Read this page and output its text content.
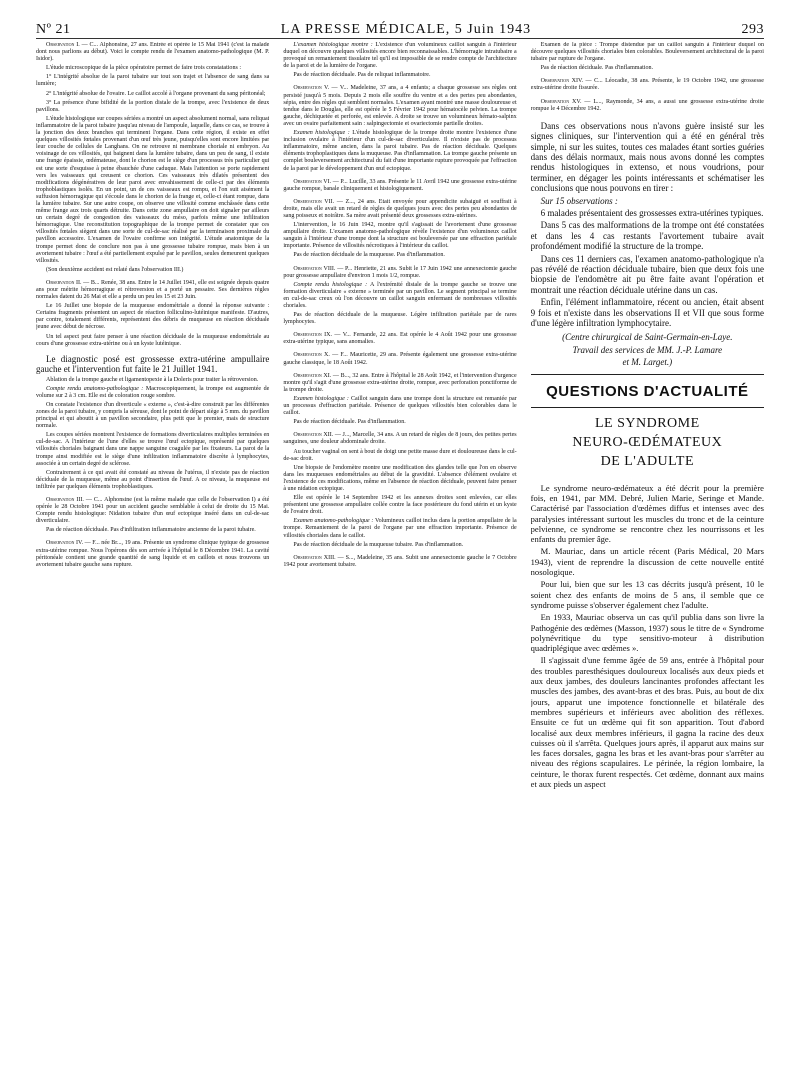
Nº 21	LA PRESSE MÉDICALE, 5 Juin 1943	293

Observation I. — C... Alphonsine, 27 ans. Entrée et opérée le 15 Mai 1941 (c'est la malade dont nous parlions au début). Voici le compte rendu de l'examen anatomo-pathologique (M. P. Isidor).

L'étude microscopique de la pièce opératoire permet de faire trois constatations :

1° L'intégrité absolue de la paroi tubaire sur tout son trajet et l'absence de sang dans sa lumière;

2° L'intégrité absolue de l'ovaire. Le caillot accolé à l'organe provenant du sang péritonéal;

3° La présence d'une bifidité de la portion distale de la trompe, avec l'existence de deux pavillons.

L'étude histologique sur coupes sériées a montré un aspect absolument normal, sans reliquat inflammatoire de la paroi tubaire jusqu'au niveau de l'ampoule, laquelle, dans ce cas, se trouve à la jonction des deux branches qui terminent l'organe. Dans cette région, il existe en effet quelques villosités fœtales provenant d'un œuf très jeune, puisqu'elles sont encore limitées par leur couche de cellules de Langhans. On ne retrouve ni membrane choriale ni embryon. Au voisinage de ces villosités, qui baignent dans la lumière tubaire, dans un peu de sang, il existe une frange épaissie, œdémateuse, dont le chorion est le siège d'un processus très particulier qui est une sorte d'esquisse à peine ébauchée d'une caduque. Mais l'attention se porte rapidement vers les vaisseaux qui creusent ce chorion. Ces vaisseaux très dilatés présentent des modifications dégénératives de leur paroi avec envahissement de celle-ci par des éléments trophoblastiques isolés. En un point, un de ces vaisseaux est rompu, et l'on suit aisément la suffusion hémorragique qui s'écoule dans le chorion de la frange et, celle-ci étant rompue, dans la lumière tubaire. Sur une autre coupe, on observe une villosité comme enchâssée dans cette même frange aux trois quarts détruite. Dans cette zone ampullaire on doit signaler par ailleurs un certain degré de congestion des vaisseaux du méso, parfois même une infiltration hémorragique. Une reconstitution topographique de la trompe permet de constater que ces villosités fœtales siègent dans une sorte de cul-de-sac réalisé par la terminaison proximale du pavillon accessoire. L'examen de l'ovaire confirme son intégrité. L'étude anatomique de la trompe permet donc de conclure non pas à une grossesse tubaire rompue, mais bien à un avortement tubaire : l'œuf a été partiellement expulsé par le pavillon, seules demeurent quelques villosités.

(Son deuxième accident est relaté dans l'observation III.)

Observation II. — B... Renée, 38 ans. Entre le 14 Juillet 1941, elle est soignée depuis quatre ans pour métrite hémorragique et rétroversion et a porté un pessaire. Ses dernières règles normales datent du 26 Mai et elle a perdu un peu les 15 et 23 Juin.

Le 16 Juillet une biopsie de la muqueuse endométriale a donné la réponse suivante : Certains fragments présentent un aspect de réaction folliculino-lutéinique manifeste. D'autres, par contre, totalement différents, représentent des débris de muqueuse en réaction déciduale jeune avec début de nécrose.

Un tel aspect peut faire penser à une réaction déciduale de la muqueuse endométriale au cours d'une grossesse extra-utérine ou à un kyste lutéinique.

Le diagnostic posé est grossesse extra-utérine ampullaire gauche et l'intervention fut faite le 21 Juillet 1941.

Ablation de la trompe gauche et ligamentopexie à la Doleris pour traiter la rétroversion.

Compte rendu anatomo-pathologique : Macroscopiquement, la trompe est augmentée de volume sur 2 à 3 cm. Elle est de coloration rouge sombre.

On constate l'existence d'un diverticule « externe », c'est-à-dire construit par les différentes zones de la paroi tubaire, y compris la séreuse, dont le point de départ siège à 5 mm. du pavillon principal et qui aboutit à un pavillon secondaire, plus petit que le premier, mais de structure normale.

Les coupes sériées montrent l'existence de formations diverticulaires multiples terminées en cul-de-sac. A l'intérieur de l'une d'elles se trouve l'œuf ectopique, représenté par quelques villosités choriales baignant dans une nappe sanguine coagulée par les fixateurs. La paroi de la trompe ainsi modifiée est le siège d'une infiltration inflammatoire discrète à lymphocytes, associée à un certain degré de sclérose.

Contrairement à ce qui avait été constaté au niveau de l'utérus, il n'existe pas de réaction déciduale de la muqueuse, même au point d'insertion de l'œuf. A ce niveau, la muqueuse est infiltrée par quelques éléments trophoblastiques.

Observation III. — C... Alphonsine (est la même malade que celle de l'observation I) a été opérée le 28 Octobre 1941 pour un accident gauche semblable à celui de droite du 15 Mai. Compte rendu histologique: Nidation tubaire d'un œuf ectopique inséré dans un cul-de-sac diverticulaire.

Pas de réaction déciduale. Pas d'infiltration inflammatoire ancienne de la paroi tubaire.

Observation IV. — F... née Br..., 19 ans. Présente un syndrome clinique typique de grossesse extra-utérine rompue. Nous l'opérons dès son arrivée à l'hôpital le 8 Décembre 1941. La cavité péritonéale contient une grande quantité de sang liquide et en caillots et nous trouvons un avortement tubaire gauche sans rupture.

L'examen histologique montre : L'existence d'un volumineux caillot sanguin à l'intérieur duquel on découvre quelques villosités encore bien reconnaissables. L'hémorragie intratubaire a provoqué un remaniement tissulaire tel qu'il est impossible de se rendre compte de l'architecture de la paroi et de la lumière de l'organe.

Pas de réaction déciduale. Pas de reliquat inflammatoire.

Observation V. — V... Madeleine, 37 ans, a 4 enfants; a chaque grossesse ses règles ont persisté jusqu'à 5 mois. Depuis 2 mois elle souffre du ventre et a des pertes peu abondantes, sépia, entre des règles qui semblent normales. L'examen ayant montré une masse douloureuse et tendue dans le Douglas, elle est opérée le 5 Février 1942 pour hématocèle pelvien. La trompe gauche, déchiquetée et perforée, est enlevée. A droite se trouve un volumineux hémato-salpinx avec un ovaire parfaitement sain : salpingectomie et ovariectomie partielle droites.

Examen histologique : L'étude histologique de la trompe droite montre l'existence d'une inclusion ovulaire à l'intérieur d'un cul-de-sac diverticulaire. Il n'existe pas de processus inflammatoire, même ancien, dans la paroi tubaire. Pas de réaction déciduale. Quelques éléments trophoplastiques dans la muqueuse. Pas d'inflammation. La trompe gauche présente un complet bouleversement architectural du fait d'une importante rupture provoquée par l'effraction de la paroi par le développement d'un œuf ectopique.

Observation VI. — P... Lucille, 33 ans. Présente le 11 Avril 1942 une grossesse extra-utérine gauche rompue, banale cliniquement et histologiquement.

Observation VII. — Z..., 24 ans. Etait envoyée pour appendicite subaiguë et souffrait à droite, mais elle avait un retard de règles de quelques jours avec des pertes peu abondantes de sang poisseux et noirâtre. Sa mère avait présenté deux grossesses extra-utérines.

L'intervention, le 16 Juin 1942, montre qu'il s'agissait de l'avortement d'une grossesse ampullaire droite. L'examen anatomo-pathologique révèle l'existence d'un volumineux caillot sanguin à l'intérieur d'une trompe dont la structure est bouleversée par une effraction pariétale importante. Présence de villosités nécrotiques à l'intérieur du caillot.

Pas de réaction déciduale de la muqueuse. Pas d'inflammation.

Observation VIII. — P... Henriette, 21 ans. Subit le 17 Juin 1942 une annexectomie gauche pour grossesse ampullaire d'environ 1 mois 1/2, rompue.

Compte rendu histologique : A l'extrémité distale de la trompe gauche se trouve une formation diverticulaire « externe » terminée par un pavillon. Le segment principal se termine en cul-de-sac creux où l'on découvre un caillot sanguin enfermant de nombreuses villosités choriales.

Pas de réaction déciduale de la muqueuse. Légère infiltration pariétale par de rares lymphocytes.

Observation IX. — V... Fernande, 22 ans. Est opérée le 4 Août 1942 pour une grossesse extra-utérine typique, sans anomalies.

Observation X. — F... Mauricette, 29 ans. Présente également une grossesse extra-utérine gauche classique, le 18 Août 1942.

Observation XI. — B..., 32 ans. Entre à l'hôpital le 28 Août 1942, et l'intervention d'urgence montre qu'il s'agit d'une grossesse extra-utérine droite, rompue, avec perforation ponctiforme de la trompe droite.

Examen histologique : Caillot sanguin dans une trompe dont la structure est remaniée par un processus d'effraction pariétale. Présence de quelques villosités bien colorables dans le caillot.

Pas de réaction déciduale. Pas d'inflammation.

Observation XII. — J..., Marcelle, 34 ans. A un retard de règles de 8 jours, des petites pertes sanguines, une douleur abdominale droite.

Au toucher vaginal on sent à bout de doigt une petite masse dure et douloureuse dans le cul-de-sac droit.

Une biopsie de l'endomètre montre une modification des glandes telle que l'on en observe dans les muqueuses endométriales au début de la gravidité. L'absence d'élément ovulaire et l'existence de ces modifications, même en l'absence de réaction déciduale, peuvent faire penser à une nidation ectopique.

Elle est opérée le 14 Septembre 1942 et les annexes droites sont enlevées, car elles présentent une grossesse ampullaire collée contre la face postérieure du fond utérin et un kyste de l'ovaire droit.

Examen anatomo-pathologique : Volumineux caillot inclus dans la portion ampullaire de la trompe. Remaniement de la paroi de l'organe par une effraction importante. Présence de villosités choriales dans le caillot.

Pas de réaction déciduale de la muqueuse tubaire. Pas d'inflammation.

Observation XIII. — S..., Madeleine, 35 ans. Subit une annexectomie gauche le 7 Octobre 1942 pour avortement tubaire.

Examen de la pièce : Trompe distendue par un caillot sanguin à l'intérieur duquel on découvre quelques villosités choriales bien colorables. Bouleversement architectural de la paroi tubaire par rupture de l'organe.

Pas de réaction déciduale. Pas d'inflammation.

Observation XIV. — C... Léocadie, 38 ans. Présente, le 19 Octobre 1942, une grossesse extra-utérine droite fissurée.

Observation XV. — L..., Raymonde, 34 ans, a aussi une grossesse extra-utérine droite rompue le 4 Décembre 1942.

Dans ces observations nous n'avons guère insisté sur les signes cliniques, sur l'intervention qui a été en général très simple, ni sur les suites, toutes ces malades étant sorties guéries dans des délais normaux, mais nous avons donné les comptes rendus histologiques in extenso, et nous voudrions, pour terminer, en dégager les points intéressants et schématiser les conclusions que nous pouvons en tirer :

Sur 15 observations :

6 malades présentaient des grossesses extra-utérines typiques.

Dans 5 cas des malformations de la trompe ont été constatées et dans les 4 cas restants l'avortement tubaire avait profondément modifié la structure de la trompe.

Dans ces 11 derniers cas, l'examen anatomo-pathologique n'a pas révélé de réaction déciduale tubaire, bien que deux fois une biopsie de l'endomètre ait pu être faite avant l'opération et montrait une réaction déciduale utérine dans un cas.

Enfin, l'élément inflammatoire, récent ou ancien, était absent 9 fois et n'existe dans les observations II et VII que sous forme d'une légère infiltration lymphocytaire.

(Centre chirurgical de Saint-Germain-en-Laye.

Travail des services de MM. J.-P. Lamare

et M. Larget.)

QUESTIONS D'ACTUALITÉ
LE SYNDROME
NEURO-ŒDÉMATEUX
DE L'ADULTE

Le syndrome neuro-œdémateux a été décrit pour la première fois, en 1941, par MM. Debré, Julien Marie, Seringe et Mande. Caractérisé par l'association d'œdèmes diffus et intenses avec des paralysies intéressant surtout les muscles du tronc et de la ceinture pelvienne, ce syndrome se rencontre chez les nourrissons et les enfants du premier âge.

M. Mauriac, dans un article récent (Paris Médical, 20 Mars 1943), vient de reprendre la discussion de cette nouvelle entité nosologique.

Pour lui, bien que sur les 13 cas décrits jusqu'à présent, 10 le soient chez des enfants de moins de 5 ans, il semble que ce syndrome puisse s'observer également chez l'adulte.

En 1933, Mauriac observa un cas qu'il publia dans son livre la Pathogénie des œdèmes (Masson, 1937) sous le titre de « Syndrome polynévritique du type sensitivo-moteur à distribution quadriplégique avec œdèmes ».

Il s'agissait d'une femme âgée de 59 ans, entrée à l'hôpital pour des troubles paresthésiques douloureux localisés aux deux pieds et aux deux jambes, des douleurs lancinantes profondes affectant les muscles des jambes, des avant-bras et des bras. Puis, au bout de dix jours, apparut une impotence fonctionnelle et bilatérale des membres supérieurs et inférieurs avec abolition des réflexes. Ensuite ce fut un œdème qui fit son apparition. Tout d'abord localisé aux deux membres inférieurs, il gagna la racine des deux cuisses où il s'arrêta. Quelques jours après, il apparut aux mains sur les faces dorsales, gagna les bras et les avant-bras pour s'arrêter au niveau des régions scapulaires. Le périnée, la région lombaire, la ceinture, le thorax furent respectés. Cet œdème, donnant aux mains et aux pieds un aspect
